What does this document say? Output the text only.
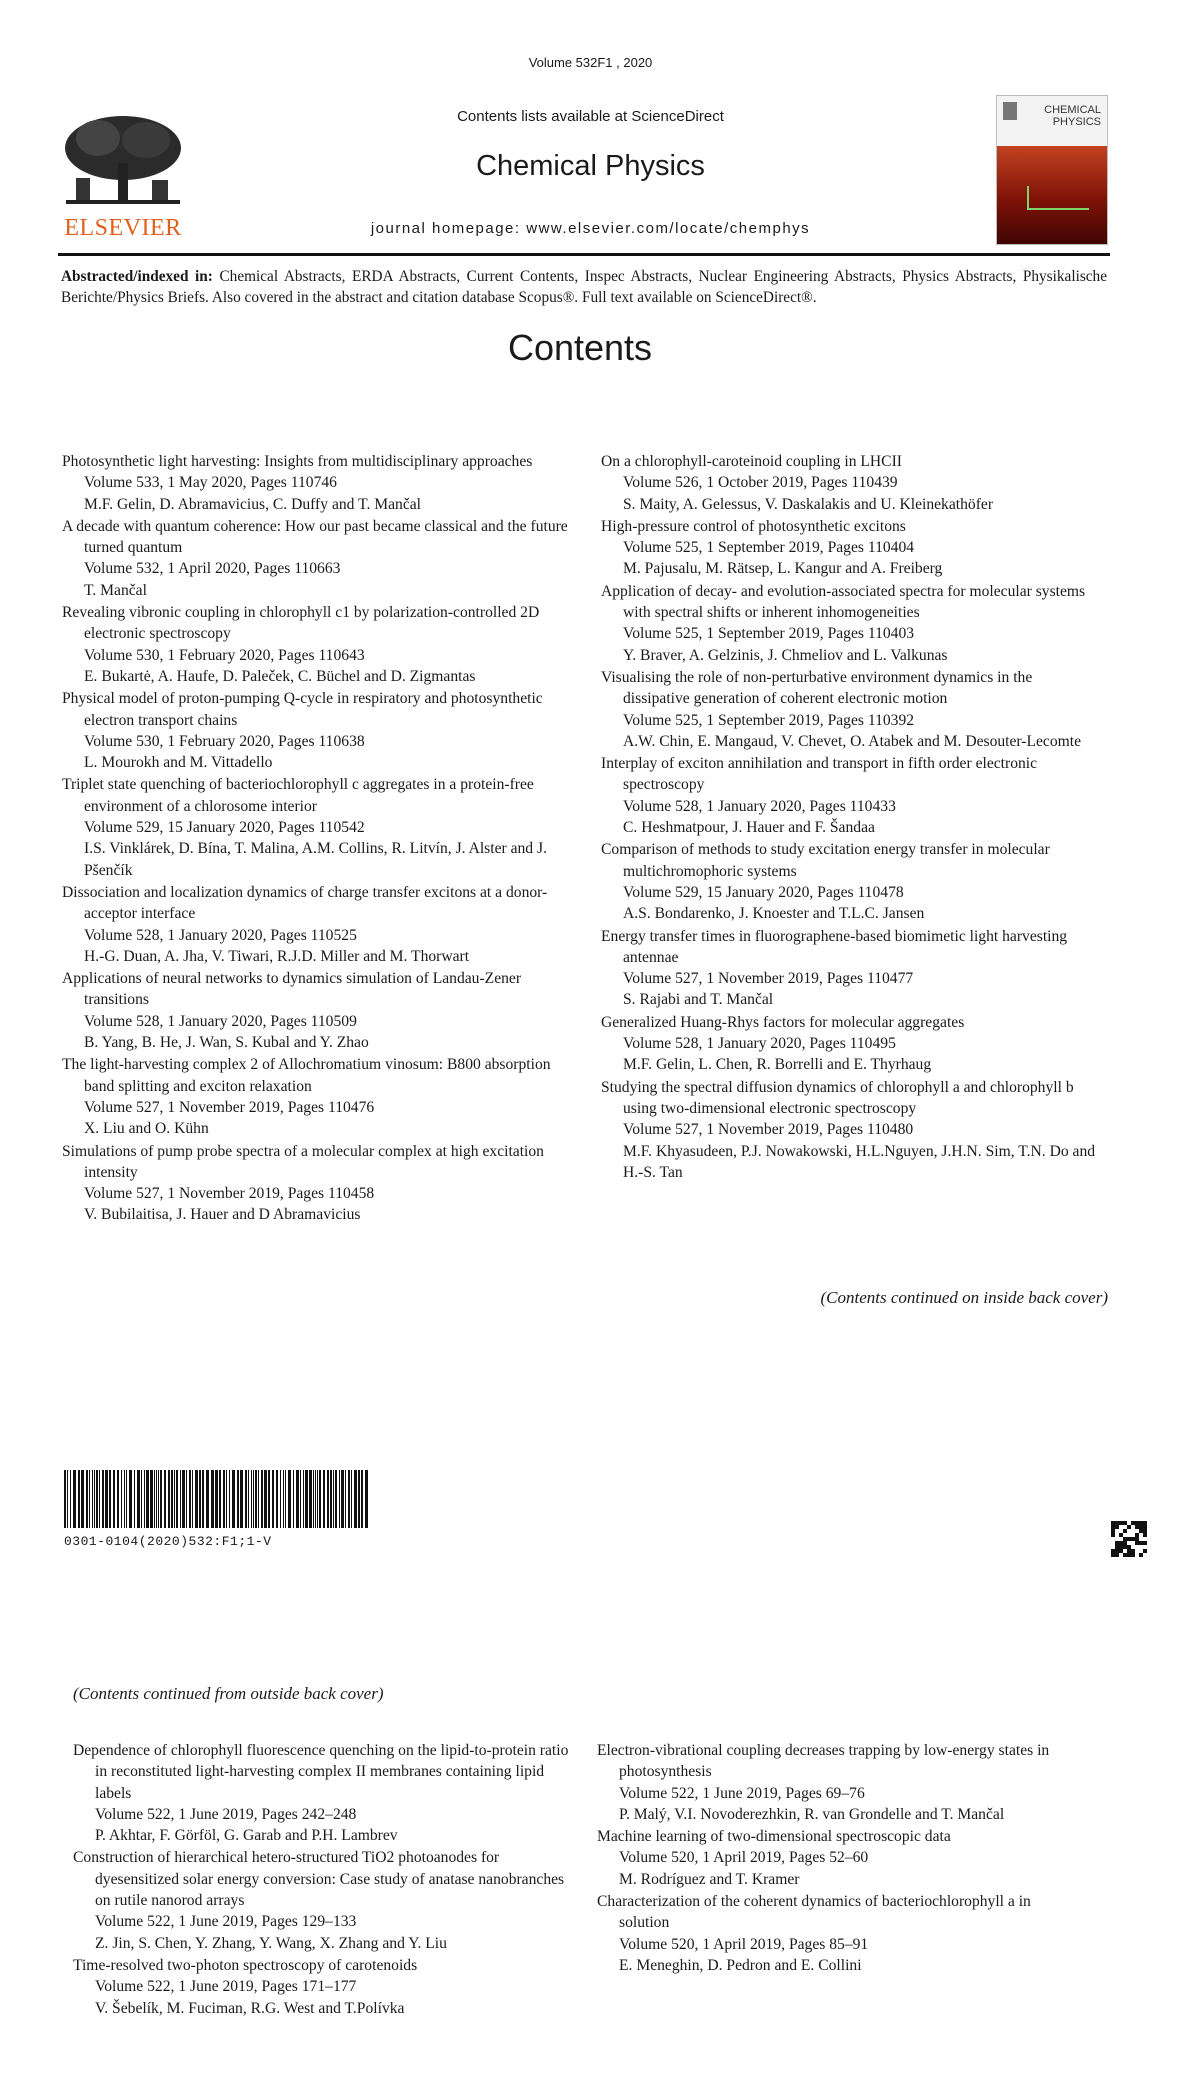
Volume 532F1 , 2020
ELSEVIER
Contents lists available at ScienceDirect
Chemical Physics
journal homepage: www.elsevier.com/locate/chemphys
CHEMICAL PHYSICS
Abstracted/indexed in: Chemical Abstracts, ERDA Abstracts, Current Contents, Inspec Abstracts, Nuclear Engineering Abstracts, Physics Abstracts, Physikalische Berichte/Physics Briefs. Also covered in the abstract and citation database Scopus®. Full text available on ScienceDirect®.
Contents
Photosynthetic light harvesting: Insights from multidisciplinary approaches
Volume 533, 1 May 2020, Pages 110746
M.F. Gelin, D. Abramavicius, C. Duffy and T. Mančal
A decade with quantum coherence: How our past became classical and the future turned quantum
Volume 532, 1 April 2020, Pages 110663
T. Mančal
Revealing vibronic coupling in chlorophyll c1 by polarization-controlled 2D electronic spectroscopy
Volume 530, 1 February 2020, Pages 110643
E. Bukartė, A. Haufe, D. Paleček, C. Büchel and D. Zigmantas
Physical model of proton-pumping Q-cycle in respiratory and photosynthetic electron transport chains
Volume 530, 1 February 2020, Pages 110638
L. Mourokh and M. Vittadello
Triplet state quenching of bacteriochlorophyll c aggregates in a protein-free environment of a chlorosome interior
Volume 529, 15 January 2020, Pages 110542
I.S. Vinklárek, D. Bína, T. Malina, A.M. Collins, R. Litvín, J. Alster and J. Pšenčík
Dissociation and localization dynamics of charge transfer excitons at a donor-acceptor interface
Volume 528, 1 January 2020, Pages 110525
H.-G. Duan, A. Jha, V. Tiwari, R.J.D. Miller and M. Thorwart
Applications of neural networks to dynamics simulation of Landau-Zener transitions
Volume 528, 1 January 2020, Pages 110509
B. Yang, B. He, J. Wan, S. Kubal and Y. Zhao
The light-harvesting complex 2 of Allochromatium vinosum: B800 absorption band splitting and exciton relaxation
Volume 527, 1 November 2019, Pages 110476
X. Liu and O. Kühn
Simulations of pump probe spectra of a molecular complex at high excitation intensity
Volume 527, 1 November 2019, Pages 110458
V. Bubilaitisa, J. Hauer and D Abramavicius
On a chlorophyll-caroteinoid coupling in LHCII
Volume 526, 1 October 2019, Pages 110439
S. Maity, A. Gelessus, V. Daskalakis and U. Kleinekathöfer
High-pressure control of photosynthetic excitons
Volume 525, 1 September 2019, Pages 110404
M. Pajusalu, M. Rätsep, L. Kangur and A. Freiberg
Application of decay- and evolution-associated spectra for molecular systems with spectral shifts or inherent inhomogeneities
Volume 525, 1 September 2019, Pages 110403
Y. Braver, A. Gelzinis, J. Chmeliov and L. Valkunas
Visualising the role of non-perturbative environment dynamics in the dissipative generation of coherent electronic motion
Volume 525, 1 September 2019, Pages 110392
A.W. Chin, E. Mangaud, V. Chevet, O. Atabek and M. Desouter-Lecomte
Interplay of exciton annihilation and transport in fifth order electronic spectroscopy
Volume 528, 1 January 2020, Pages 110433
C. Heshmatpour, J. Hauer and F. Šandaa
Comparison of methods to study excitation energy transfer in molecular multichromophoric systems
Volume 529, 15 January 2020, Pages 110478
A.S. Bondarenko, J. Knoester and T.L.C. Jansen
Energy transfer times in fluorographene-based biomimetic light harvesting antennae
Volume 527, 1 November 2019, Pages 110477
S. Rajabi and T. Mančal
Generalized Huang-Rhys factors for molecular aggregates
Volume 528, 1 January 2020, Pages 110495
M.F. Gelin, L. Chen, R. Borrelli and E. Thyrhaug
Studying the spectral diffusion dynamics of chlorophyll a and chlorophyll b using two-dimensional electronic spectroscopy
Volume 527, 1 November 2019, Pages 110480
M.F. Khyasudeen, P.J. Nowakowski, H.L.Nguyen, J.H.N. Sim, T.N. Do and H.-S. Tan
(Contents continued on inside back cover)
0301-0104(2020)532:F1;1-V
(Contents continued from outside back cover)
Dependence of chlorophyll fluorescence quenching on the lipid-to-protein ratio in reconstituted light-harvesting complex II membranes containing lipid labels
Volume 522, 1 June 2019, Pages 242–248
P. Akhtar, F. Görföl, G. Garab and P.H. Lambrev
Construction of hierarchical hetero-structured TiO2 photoanodes for dyesensitized solar energy conversion: Case study of anatase nanobranches on rutile nanorod arrays
Volume 522, 1 June 2019, Pages 129–133
Z. Jin, S. Chen, Y. Zhang, Y. Wang, X. Zhang and Y. Liu
Time-resolved two-photon spectroscopy of carotenoids
Volume 522, 1 June 2019, Pages 171–177
V. Šebelík, M. Fuciman, R.G. West and T.Polívka
Electron-vibrational coupling decreases trapping by low-energy states in photosynthesis
Volume 522, 1 June 2019, Pages 69–76
P. Malý, V.I. Novoderezhkin, R. van Grondelle and T. Mančal
Machine learning of two-dimensional spectroscopic data
Volume 520, 1 April 2019, Pages 52–60
M. Rodríguez and T. Kramer
Characterization of the coherent dynamics of bacteriochlorophyll a in solution
Volume 520, 1 April 2019, Pages 85–91
E. Meneghin, D. Pedron and E. Collini
